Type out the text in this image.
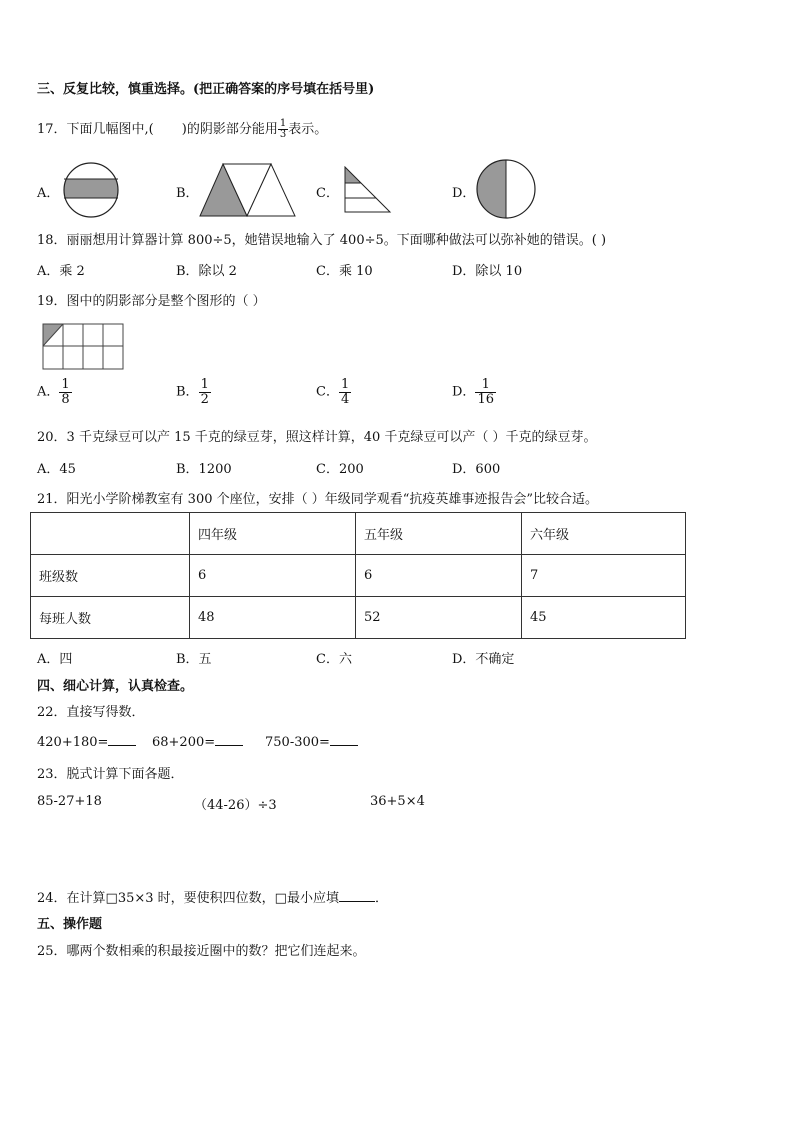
三、反复比较，慎重选择。(把正确答案的序号填在括号里)
17．下面几幅图中,( )的阴影部分能用 $\frac{1}{3}$ 表示。
A．	B．	C．	D．
18．丽丽想用计算器计算 800÷5，她错误地输入了 400÷5。下面哪种做法可以弥补她的错误。( )
A．乘 2	B．除以 2	C．乘 10	D．除以 10
19．图中的阴影部分是整个图形的（ ）
A． $\frac{1}{8}$	B． $\frac{1}{2}$	C． $\frac{1}{4}$	D． $\frac{1}{16}$
20．3 千克绿豆可以产 15 千克的绿豆芽，照这样计算，40 千克绿豆可以产（ ）千克的绿豆芽。
A．45	B．1200	C．200	D．600
21．阳光小学阶梯教室有 300 个座位，安排（ ）年级同学观看“抗疫英雄事迹报告会”比较合适。
	四年级	五年级	六年级
班级数	6	6	7
每班人数	48	52	45
A．四	B．五	C．六	D．不确定
四、细心计算，认真检查。
22．直接写得数．
420+180=	68+200=	750-300=
23．脱式计算下面各题．
85-27+18	（44-26）÷3	36+5×4
24．在计算□35×3 时，要使积四位数，□最小应填	．
五、操作题
25．哪两个数相乘的积最接近圈中的数？把它们连起来。
